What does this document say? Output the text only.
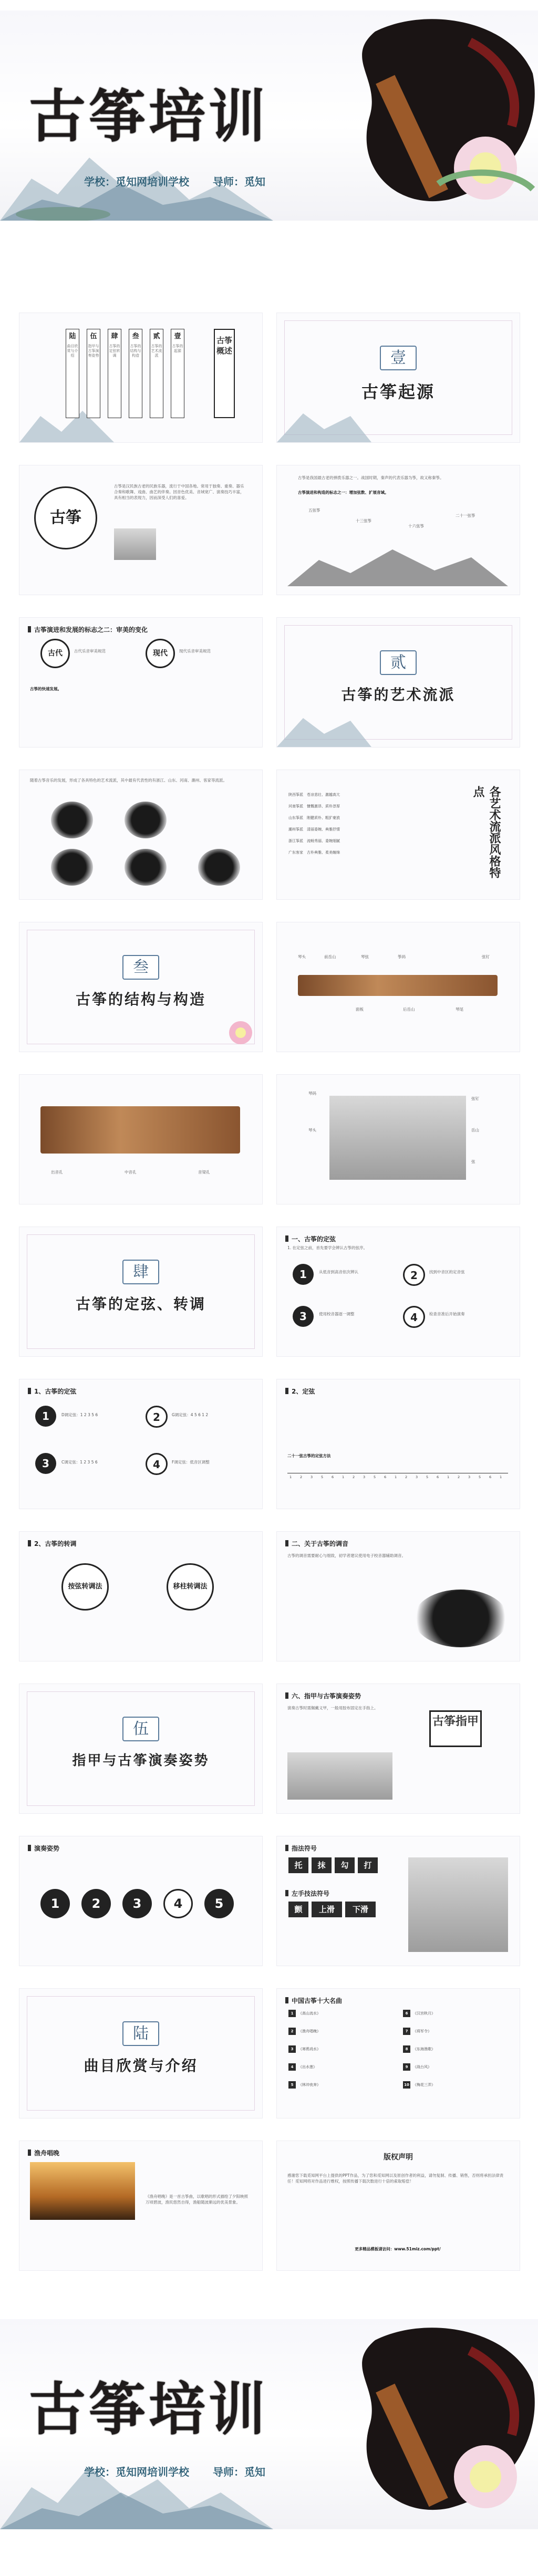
古筝培训
学校：觅知网培训学校 导师：觅知
陆
曲目欣赏与介绍
伍
指甲与古筝演奏姿势
肆
古筝的定弦转调
叁
古筝的结构与构造
贰
古筝的艺术流派
壹
古筝的起源
古筝概述	壹
古筝起源
古筝
古筝是汉民族古老的民族乐器，流行于中国各地。常用于独奏、重奏、器乐合奏和歌舞、戏曲、曲艺的伴奏。因音色优美、音域宽广、演奏技巧丰富，具有相当的表现力，因而深受人们的喜爱。
古筝是我国最古老的弹拨乐器之一。战国时期，秦声的代表乐器为筝，故又称秦筝。
古筝演进和构造的标志之一：增加弦数、扩展音域。
五弦筝
十三弦筝
十六弦筝
二十一弦筝
古筝演进和发展的标志之二：审美的变化
古代	古代乐音审美规范	现代	现代乐音审美规范
古筝的快速发展。
贰
古筝的艺术流派
随着古筝音乐的发展，形成了各具特色的艺术流派，其中最有代表性的有浙江、山东、河南、潮州、客家等流派。
陕西筝派　 苍凉悲壮、激越高亢
河南筝派　 慷慨激昂、质朴淳厚
山东筝派　 刚健质朴、粗犷豪放
潮州筝派　 清丽委婉、典雅抒情
浙江筝派　 流畅秀丽、委婉细腻
广东客家　 古朴典雅、柔美缠绵	各艺术流派风格特点
叁
古筝的结构与构造
琴头	前岳山	琴弦	筝码
面板	后岳山	琴尾
弦钉
出音孔	中音孔	音梁孔
琴码
琴头
弦钉
岳山
弦
肆
古筝的定弦、转调
一、古筝的定弦
1. 在定弦之前，首先要学会辨认古筝的弦序。
1	从低音到高音依次辨认	2	找到中音区的定音弦
3	使用校音器逐一调整	4	检查音准后开始演奏
1、古筝的定弦
1	D调定弦：1 2 3 5 6	2	G调定弦：4 5 6 1 2
3	C调定弦：1 2 3 5 6	4	F调定弦：低音区调整
2、定弦
二十一弦古筝的定弦方法
1 2 3 5 6 1 2 3 5 6 1 2 3 5 6 1 2 3 5 6 1
2、古筝的转调
按弦转调法	移柱转调法
二、关于古筝的调音
古筝的调音需要耐心与细致，初学者建议使用电子校音器辅助调音。
伍
指甲与古筝演奏姿势
六、指甲与古筝演奏姿势
演奏古筝时需佩戴义甲，一般用胶布固定在手指上。
古筝指甲
演奏姿势
1	2	3	4	5
指法符号
托	抹	勾	打
左手技法符号
颤	上滑	下滑
陆
曲目欣赏与介绍
中国古筝十大名曲
1 《高山流水》
2 《渔舟唱晚》
3 《寒鸦戏水》
4 《出水莲》
5 《林冲夜奔》
6 《汉宫秋月》
7 《将军令》
8 《东海渔歌》
9 《战台风》
10 《梅花三弄》
渔舟唱晚
《渔舟唱晚》是一首古筝曲，以歌唱的形式描绘了夕阳映照万顷碧波，渔民悠然自得，渔船随波渐远的优美景象。
版权声明
感谢您下载觅知网平台上提供的PPT作品，为了您和觅知网以及原创作者的利益，请勿复制、传播、销售，否则将承担法律责任！觅知网将对作品进行维权，按照传播下载次数进行十倍的索取赔偿！
更多精品模板请访问：www.51miz.com/ppt/
古筝培训
学校：觅知网培训学校 导师：觅知
